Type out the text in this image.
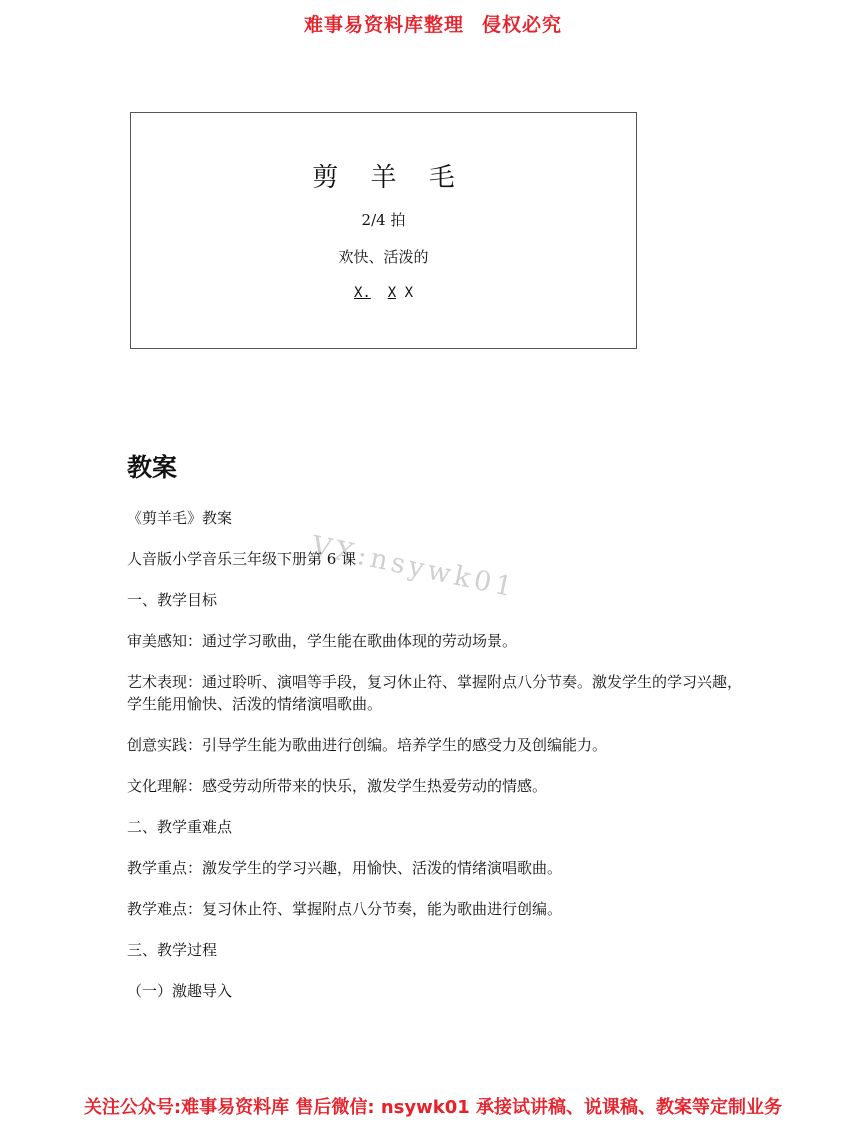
难事易资料库整理 侵权必究
剪 羊 毛
2/4 拍
欢快、活泼的
X. X X
教案
VX:nsywk01

《剪羊毛》教案

人音版小学音乐三年级下册第 6 课

一、教学目标

审美感知：通过学习歌曲，学生能在歌曲体现的劳动场景。

艺术表现：通过聆听、演唱等手段，复习休止符、掌握附点八分节奏。激发学生的学习兴趣，学生能用愉快、活泼的情绪演唱歌曲。

创意实践：引导学生能为歌曲进行创编。培养学生的感受力及创编能力。

文化理解：感受劳动所带来的快乐，激发学生热爱劳动的情感。

二、教学重难点

教学重点：激发学生的学习兴趣，用愉快、活泼的情绪演唱歌曲。

教学难点：复习休止符、掌握附点八分节奏，能为歌曲进行创编。

三、教学过程

（一）激趣导入

关注公众号:难事易资料库 售后微信: nsywk01 承接试讲稿、说课稿、教案等定制业务
